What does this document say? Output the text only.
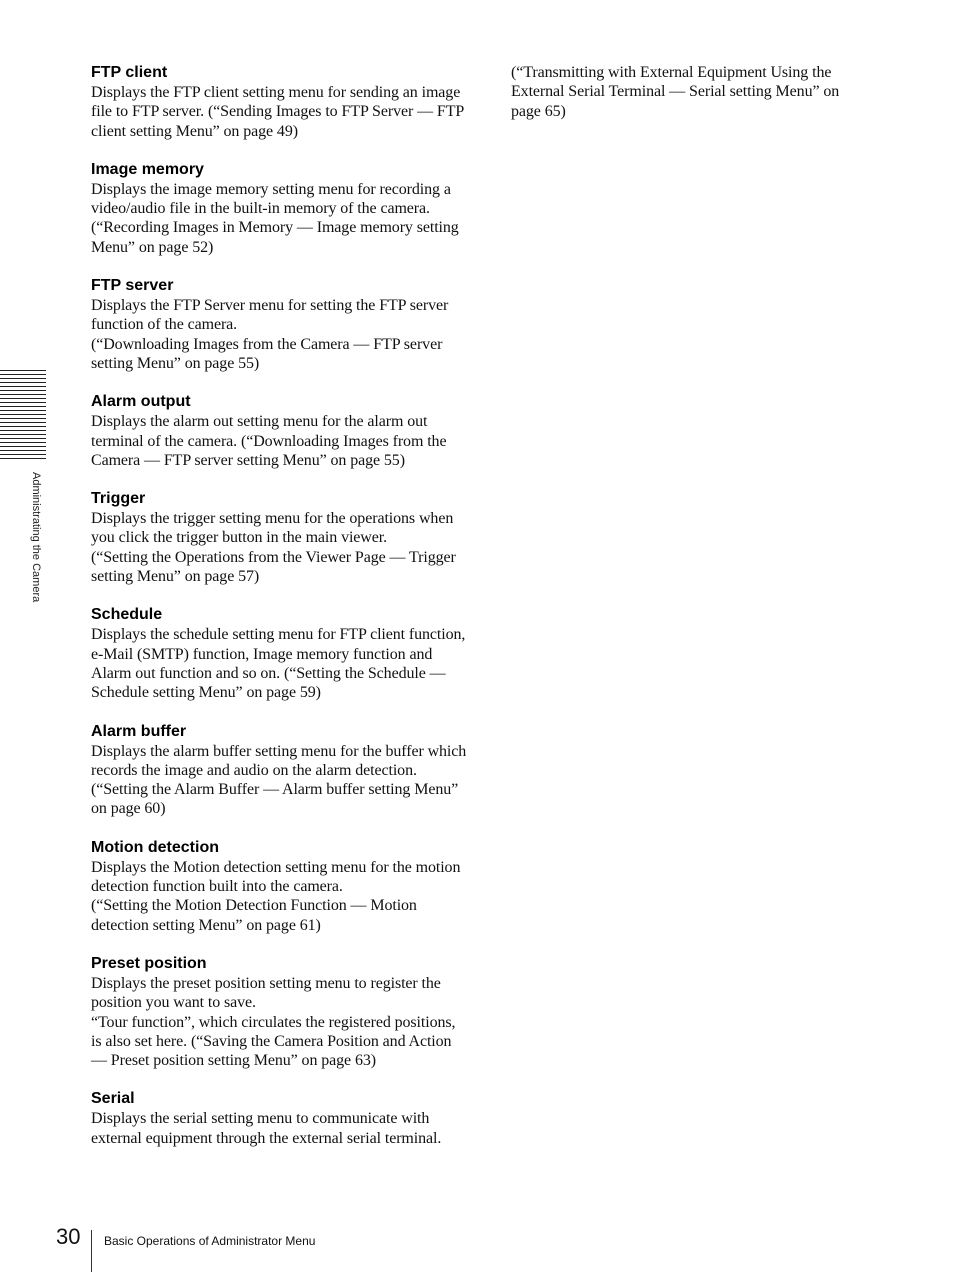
Administrating the Camera
FTP client

Displays the FTP client setting menu for sending an image file to FTP server. (“Sending Images to FTP Server — FTP client setting Menu” on page 49)

Image memory

Displays the image memory setting menu for recording a video/audio file in the built-in memory of the camera. (“Recording Images in Memory — Image memory setting Menu” on page 52)

FTP server

Displays the FTP Server menu for setting the FTP server function of the camera.
(“Downloading Images from the Camera — FTP server setting Menu” on page 55)

Alarm output

Displays the alarm out setting menu for the alarm out terminal of the camera. (“Downloading Images from the Camera — FTP server setting Menu” on page 55)

Trigger

Displays the trigger setting menu for the operations when you click the trigger button in the main viewer.
(“Setting the Operations from the Viewer Page — Trigger setting Menu” on page 57)

Schedule

Displays the schedule setting menu for FTP client function, e-Mail (SMTP) function, Image memory function and Alarm out function and so on. (“Setting the Schedule — Schedule setting Menu” on page 59)

Alarm buffer

Displays the alarm buffer setting menu for the buffer which records the image and audio on the alarm detection. (“Setting the Alarm Buffer — Alarm buffer setting Menu” on page 60)

Motion detection

Displays the Motion detection setting menu for the motion detection function built into the camera.
(“Setting the Motion Detection Function — Motion detection setting Menu” on page 61)

Preset position

Displays the preset position setting menu to register the position you want to save.
“Tour function”, which circulates the registered positions, is also set here. (“Saving the Camera Position and Action — Preset position setting Menu” on page 63)

Serial

Displays the serial setting menu to communicate with external equipment through the external serial terminal.

(“Transmitting with External Equipment Using the External Serial Terminal — Serial setting Menu” on page 65)

30 Basic Operations of Administrator Menu
